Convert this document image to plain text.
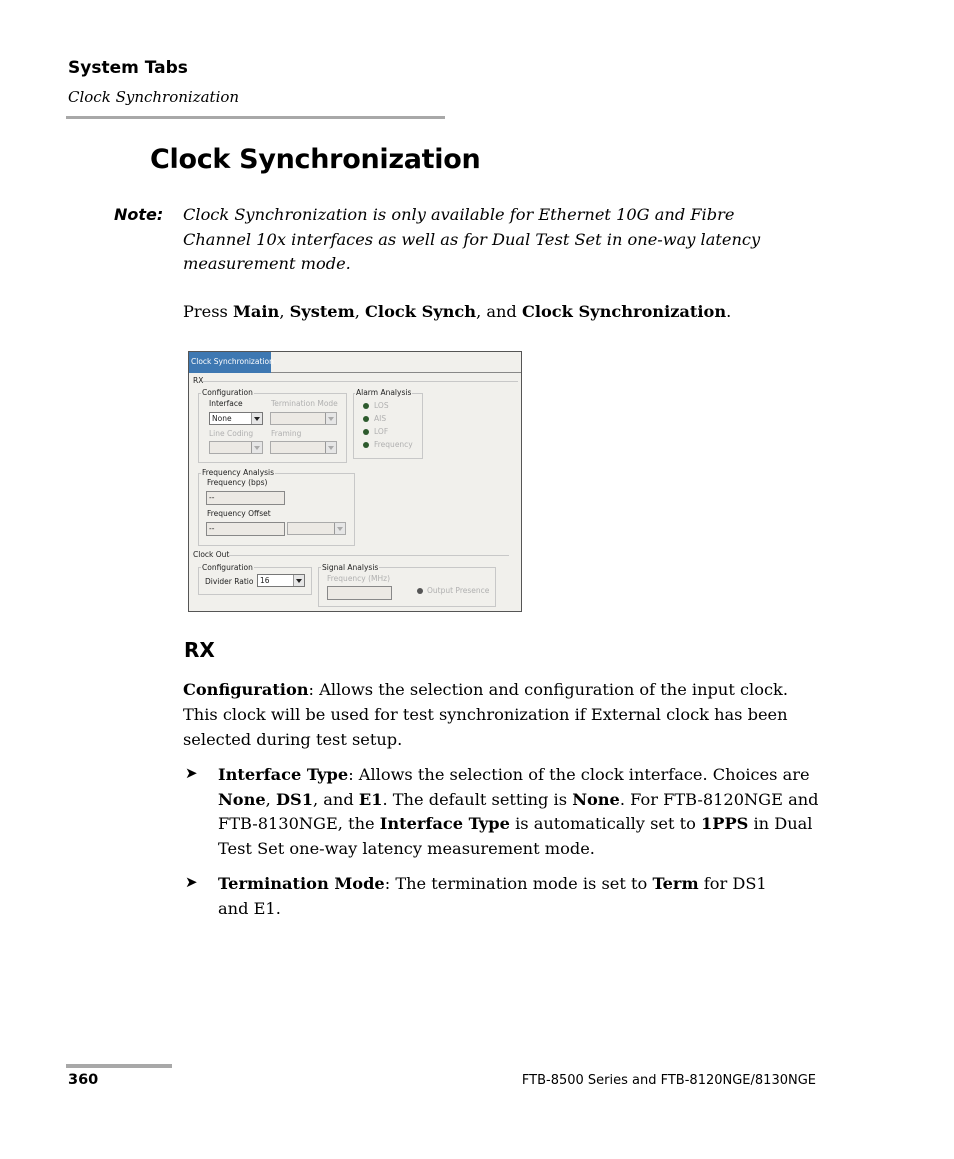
System Tabs
Clock Synchronization
Clock Synchronization
Note: Clock Synchronization is only available for Ethernet 10G and Fibre
Channel 10x interfaces as well as for Dual Test Set in one-way latency
measurement mode.
Press Main, System, Clock Synch, and Clock Synchronization.
Clock Synchronization
RX
Configuration
Interface	Termination Mode
None
Line Coding Framing
Alarm Analysis
LOS
AIS
LOF
Frequency
Frequency Analysis
Frequency (bps)
--
Frequency Offset
--
Clock Out
Configuration
Divider Ratio 16
Signal Analysis
Frequency (MHz)
Output Presence
RX
Configuration: Allows the selection and configuration of the input clock.
This clock will be used for test synchronization if External clock has been
selected during test setup.
➤ Interface Type: Allows the selection of the clock interface. Choices are
None, DS1, and E1. The default setting is None. For FTB-8120NGE and
FTB-8130NGE, the Interface Type is automatically set to 1PPS in Dual
Test Set one-way latency measurement mode.
➤ Termination Mode: The termination mode is set to Term for DS1
and E1.
360	FTB-8500 Series and FTB-8120NGE/8130NGE
